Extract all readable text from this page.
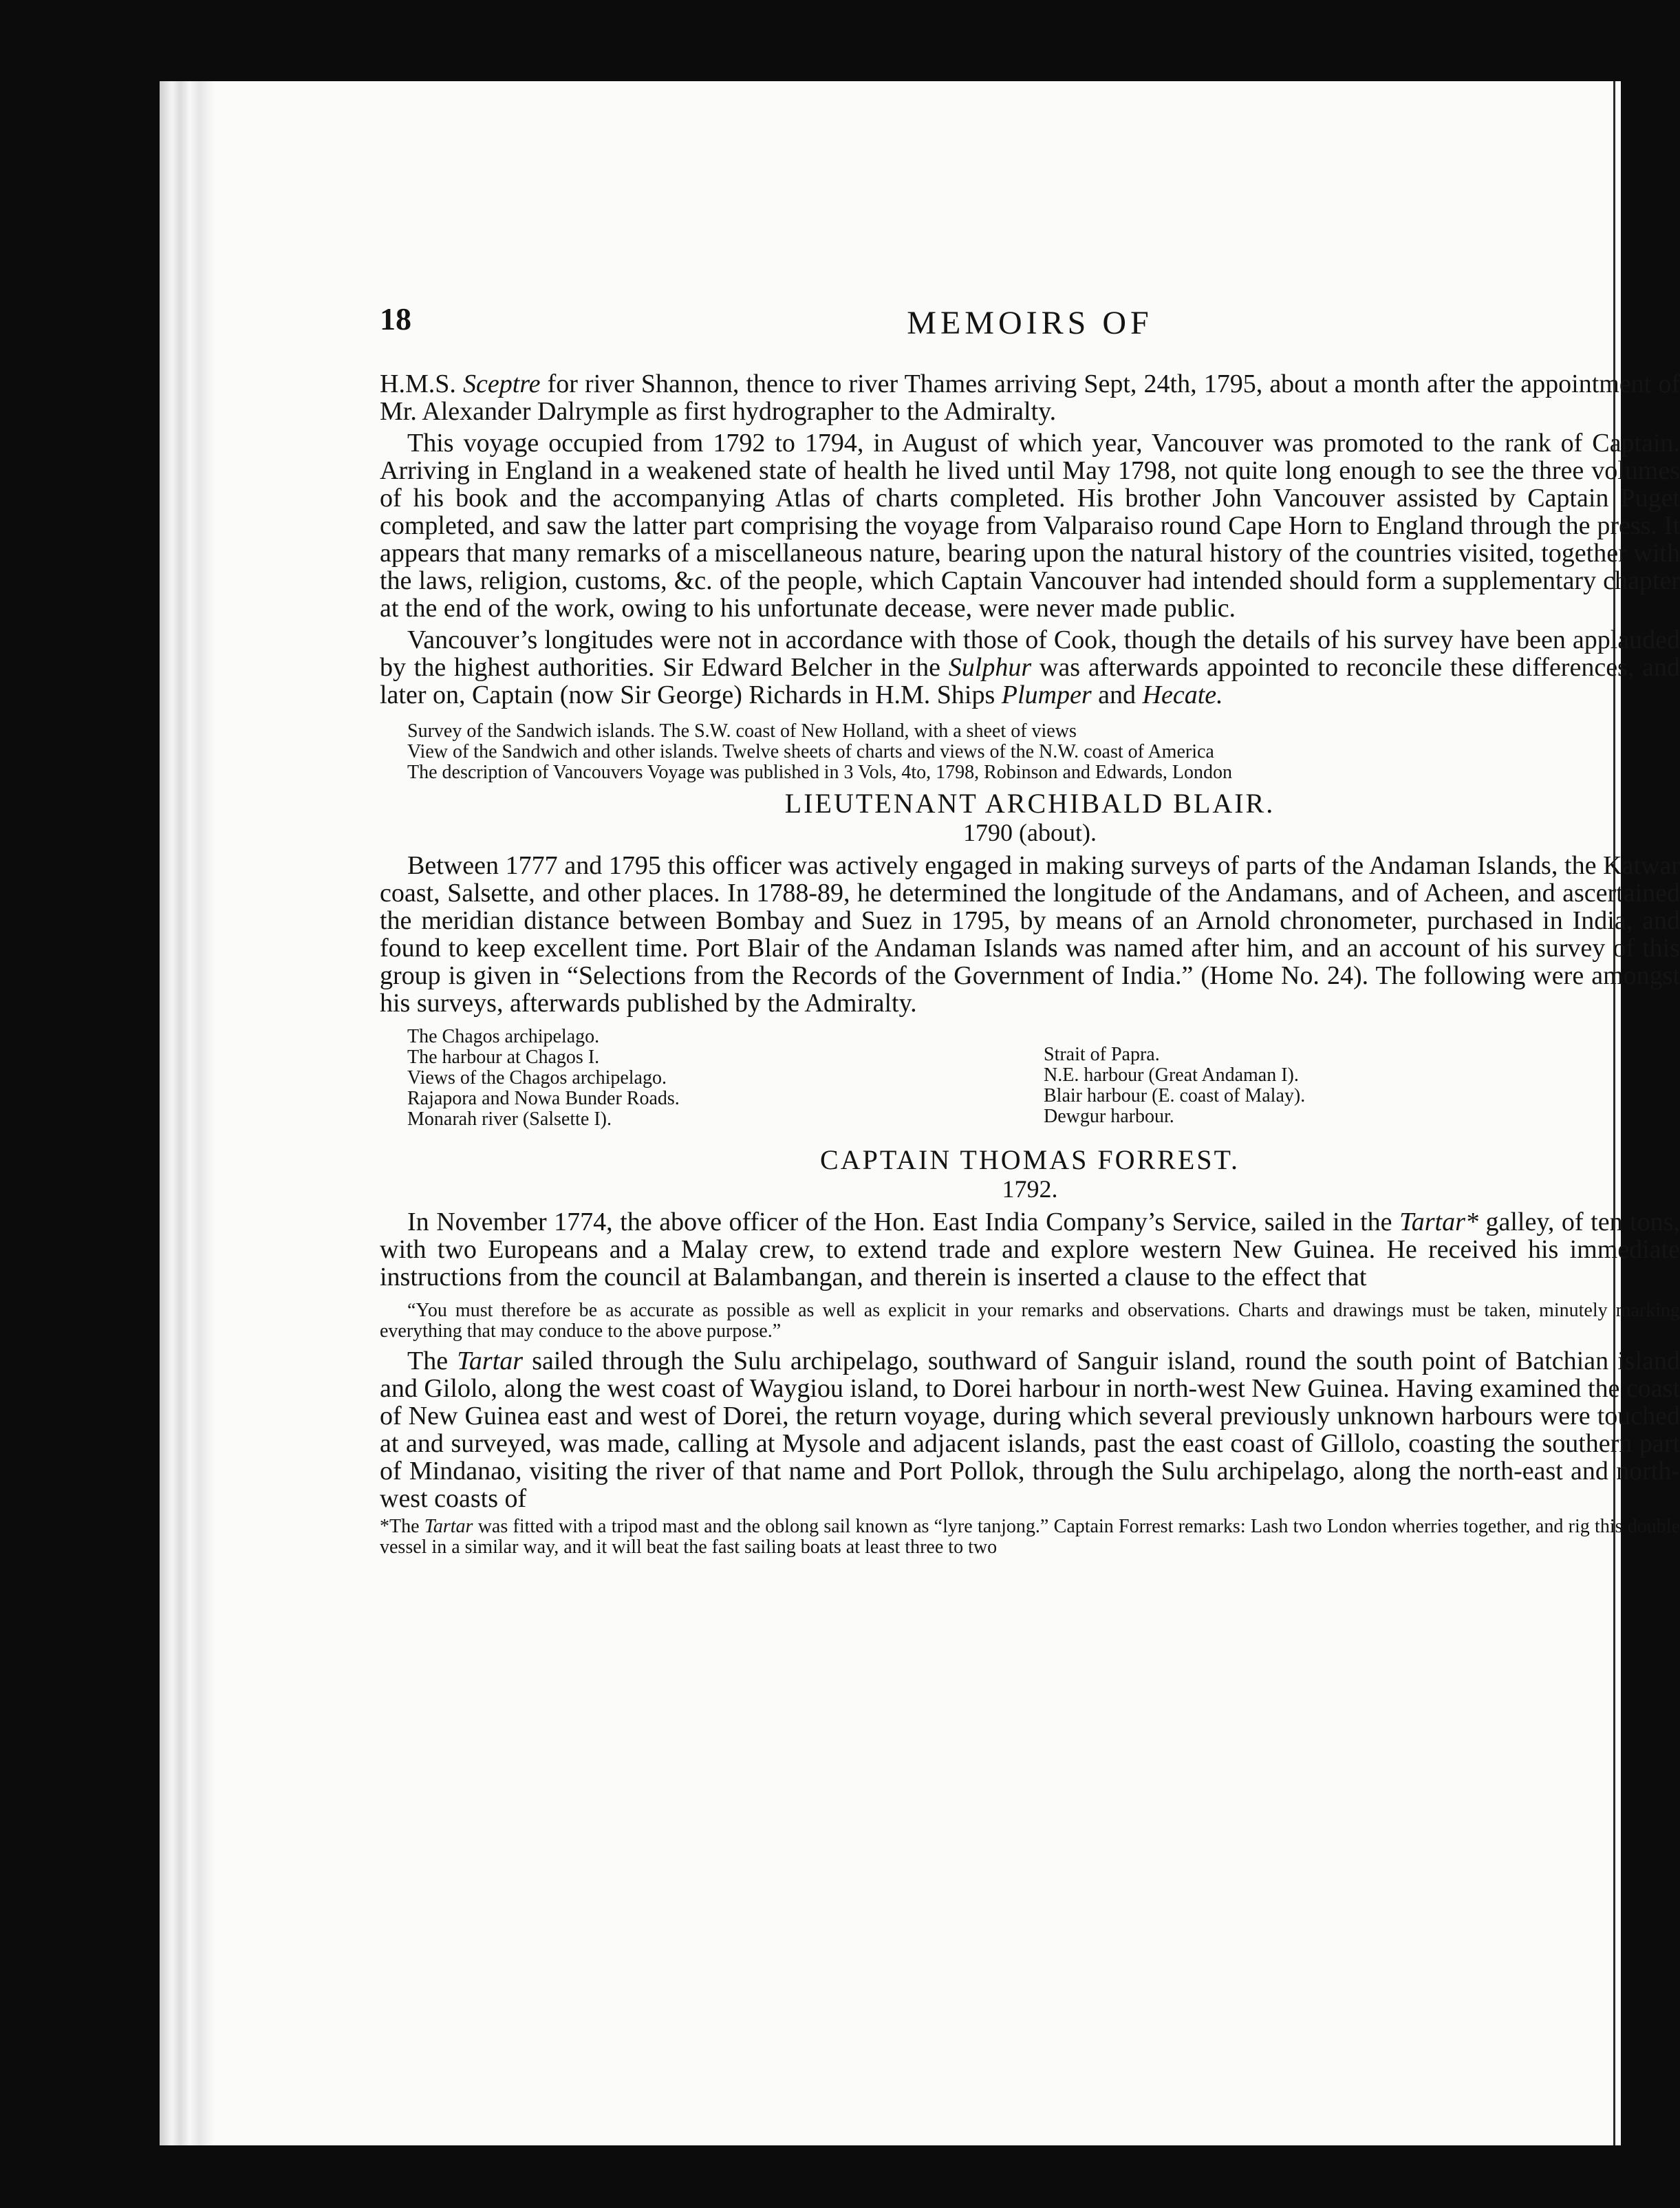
18	MEMOIRS OF

H.M.S. Sceptre for river Shannon, thence to river Thames arriving Sept, 24th, 1795, about a month after the appointment of Mr. Alexander Dalrymple as first hydrographer to the Admiralty.

This voyage occupied from 1792 to 1794, in August of which year, Vancouver was promoted to the rank of Captain. Arriving in England in a weakened state of health he lived until May 1798, not quite long enough to see the three volumes of his book and the accompanying Atlas of charts completed. His brother John Vancouver assisted by Captain Puget completed, and saw the latter part comprising the voyage from Valparaiso round Cape Horn to England through the press. It appears that many remarks of a miscellaneous nature, bearing upon the natural history of the countries visited, together with the laws, religion, customs, &c. of the people, which Captain Vancouver had intended should form a supplementary chapter at the end of the work, owing to his unfortunate decease, were never made public.

Vancouver’s longitudes were not in accordance with those of Cook, though the details of his survey have been applauded by the highest authorities. Sir Edward Belcher in the Sulphur was afterwards appointed to reconcile these differences, and later on, Captain (now Sir George) Richards in H.M. Ships Plumper and Hecate.

Survey of the Sandwich islands. The S.W. coast of New Holland, with a sheet of views
View of the Sandwich and other islands. Twelve sheets of charts and views of the N.W. coast of America
The description of Vancouvers Voyage was published in 3 Vols, 4to, 1798, Robinson and Edwards, London
LIEUTENANT ARCHIBALD BLAIR.
1790 (about).

Between 1777 and 1795 this officer was actively engaged in making surveys of parts of the Andaman Islands, the Katwar coast, Salsette, and other places. In 1788-89, he determined the longitude of the Andamans, and of Acheen, and ascertained the meridian distance between Bombay and Suez in 1795, by means of an Arnold chronometer, purchased in India, and found to keep excellent time. Port Blair of the Andaman Islands was named after him, and an account of his survey of this group is given in “Selections from the Records of the Government of India.” (Home No. 24). The following were amongst his surveys, afterwards published by the Admiralty.

The Chagos archipelago.
The harbour at Chagos I.
Views of the Chagos archipelago.
Rajapora and Nowa Bunder Roads.
Monarah river (Salsette I).
Strait of Papra.
N.E. harbour (Great Andaman I).
Blair harbour (E. coast of Malay).
Dewgur harbour.
CAPTAIN THOMAS FORREST.
1792.

In November 1774, the above officer of the Hon. East India Company’s Service, sailed in the Tartar* galley, of ten tons, with two Europeans and a Malay crew, to extend trade and explore western New Guinea. He received his immediate instructions from the council at Balambangan, and therein is inserted a clause to the effect that

“You must therefore be as accurate as possible as well as explicit in your remarks and observations. Charts and drawings must be taken, minutely marking everything that may conduce to the above purpose.”

The Tartar sailed through the Sulu archipelago, southward of Sanguir island, round the south point of Batchian island and Gilolo, along the west coast of Waygiou island, to Dorei harbour in north-west New Guinea. Having examined the coast of New Guinea east and west of Dorei, the return voyage, during which several previously unknown harbours were touched at and surveyed, was made, calling at Mysole and adjacent islands, past the east coast of Gillolo, coasting the southern part of Mindanao, visiting the river of that name and Port Pollok, through the Sulu archipelago, along the north-east and north-west coasts of

*The Tartar was fitted with a tripod mast and the oblong sail known as “lyre tanjong.” Captain Forrest remarks: Lash two London wherries together, and rig this double vessel in a similar way, and it will beat the fast sailing boats at least three to two
